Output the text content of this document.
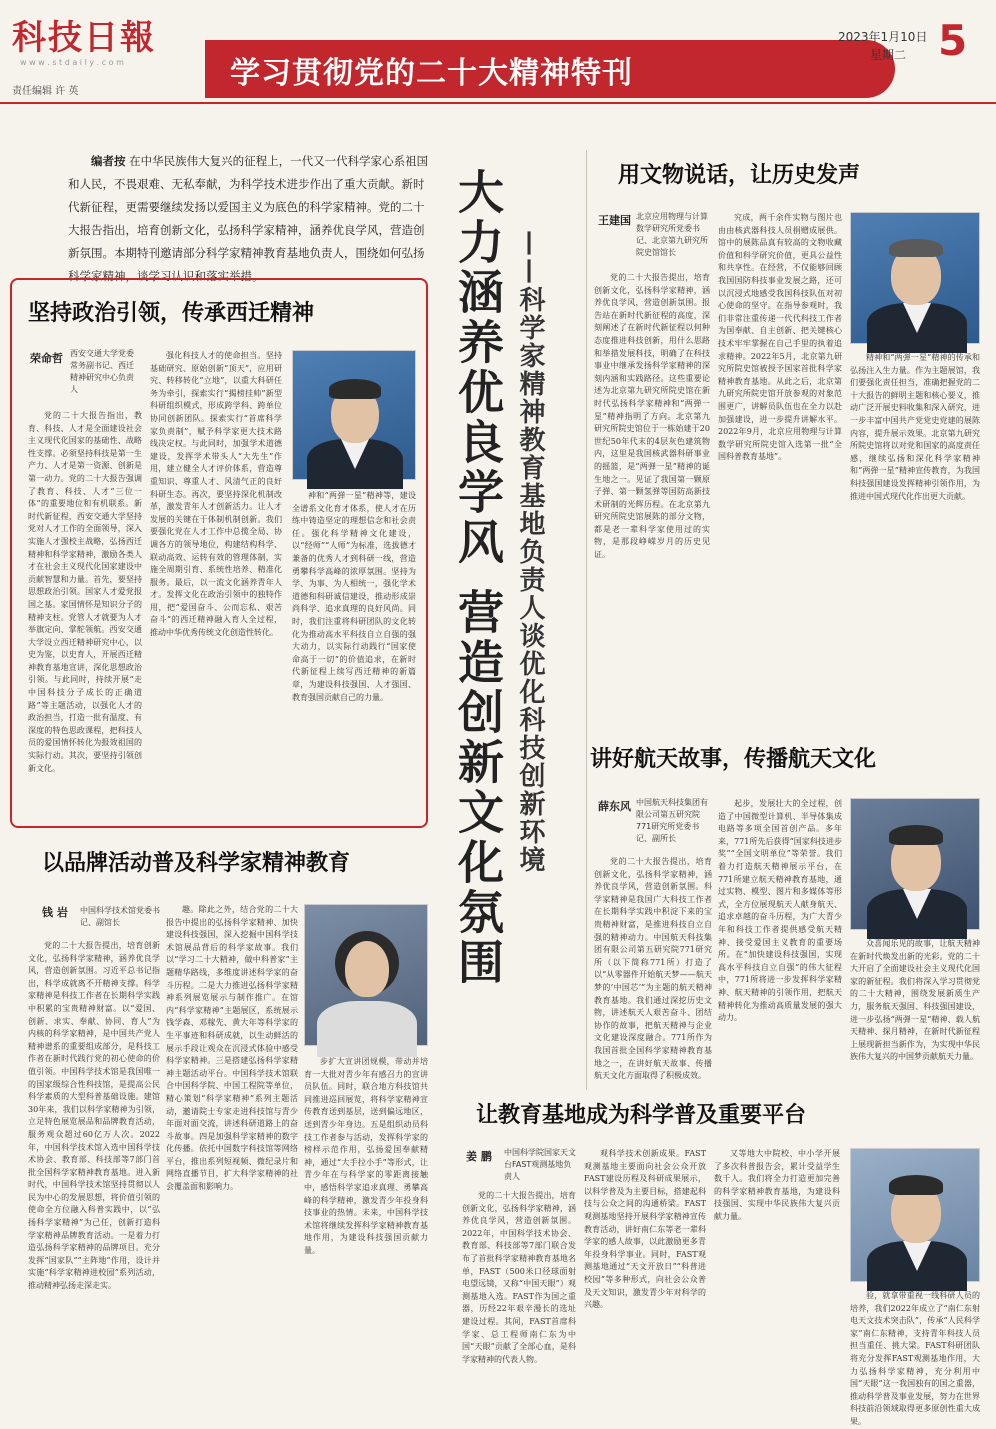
科技日報
w w w . s t d a i l y . c o m
责任编辑 许 英
学习贯彻党的二十大精神特刊
2023年1月10日
星期二 5
编者按 在中华民族伟大复兴的征程上，一代又一代科学家心系祖国和人民，不畏艰难、无私奉献，为科学技术进步作出了重大贡献。新时代新征程，更需要继续发扬以爱国主义为底色的科学家精神。党的二十大报告指出，培育创新文化，弘扬科学家精神，涵养优良学风，营造创新氛围。本期特刊邀请部分科学家精神教育基地负责人，围绕如何弘扬科学家精神，谈学习认识和落实举措。	大力涵养优良学风 营造创新文化氛围 ——科学家精神教育基地负责人谈优化科技创新环境
坚持政治引领，传承西迁精神
荣命哲 西安交通大学党委常务副书记、西迁精神研究中心负责人

党的二十大报告指出，教育、科技、人才是全面建设社会主义现代化国家的基础性、战略性支撑。必须坚持科技是第一生产力、人才是第一资源、创新是第一动力。党的二十大报告强调了教育、科技、人才“三位一体”的重要地位和有机联系。新时代新征程，西安交通大学坚持党对人才工作的全面领导，深入实施人才强校主战略，弘扬西迁精神和科学家精神，激励各类人才在社会主义现代化国家建设中贡献智慧和力量。首先，要坚持思想政治引领。国家人才爱党报国之基。家国情怀是知识分子的精神支柱。党管人才就要为人才举旗定向、掌舵领航。西安交通大学设立西迁精神研究中心，以史为鉴，以史育人，开展西迁精神教育基地宣讲，深化思想政治引领。与此同时，持续开展“走中国科技分子成长的正确道路”等主题活动，以强化人才的政治担当，打造一批有温度、有深度的特色思政课程，把科技人员的爱国情怀转化为报效祖国的实际行动。其次，要坚持引领创新文化。

强化科技人才的使命担当。坚持基础研究、原始创新“顶天”，应用研究、转移转化“立地”，以重大科研任务为牵引，探索实行“揭榜挂帅”新型科研组织模式，形成跨学科、跨单位协同创新团队。探索实行“首席科学家负责制”，赋予科学家更大技术路线决定权。与此同时，加强学术道德建设，发挥学术带头人“大先生”作用，建立健全人才评价体系，营造尊重知识、尊重人才、风清气正的良好科研生态。再次，要坚持深化机制改革，激发青年人才创新活力。让人才发展的关键在于体制机制创新。我们要强化党在人才工作中总揽全局、协调各方的领导地位，构建结构科学、联动高效、运转有效的管理体制，实施全周期引育、系统性培养、精准化服务。最后，以一流文化涵养青年人才。发挥文化在政治引领中的独特作用，把“爱国奋斗、公而忘私、艰苦奋斗”的西迁精神融入育人全过程，推动中华优秀传统文化创造性转化。

神和“两弹一星”精神等，建设全谱系文化育才体系，使人才在历练中铸造坚定的理想信念和社会责任。强化科学精神文化建设，以“经师”“人师”为标准，选拔德才兼备的优秀人才到科研一线，营造勇攀科学高峰的浓厚氛围。坚持为学、为事、为人相统一，强化学术道德和科研诚信建设，推动形成崇尚科学、追求真理的良好风尚。同时，我们注重将科研团队的文化转化为推动高水平科技自立自强的强大动力，以实际行动践行“国家使命高于一切”的价值追求，在新时代新征程上续写西迁精神的新篇章，为建设科技强国、人才强国、教育强国贡献自己的力量。

以品牌活动普及科学家精神教育
钱 岩 中国科学技术馆党委书记、副馆长

党的二十大报告提出，培育创新文化，弘扬科学家精神，涵养优良学风，营造创新氛围。习近平总书记指出，科学成就离不开精神支撑。科学家精神是科技工作者在长期科学实践中积累的宝贵精神财富。以“爱国、创新、求实、奉献、协同、育人”为内核的科学家精神，是中国共产党人精神谱系的重要组成部分，是科技工作者在新时代践行党的初心使命的价值引领。中国科学技术馆是我国唯一的国家级综合性科技馆，是提高公民科学素质的大型科普基础设施。建馆30年来，我们以科学家精神为引领，立足特色展览展品和品牌教育活动，服务观众超过60亿万人次。2022年，中国科学技术馆入选中国科学技术协会、教育部、科技部等7部门首批全国科学家精神教育基地。进入新时代，中国科学技术馆坚持贯彻以人民为中心的发展思想，将价值引领的使命全方位融入科普实践中，以“弘扬科学家精神”为己任，创新打造科学家精神品牌教育活动。一是着力打造弘扬科学家精神的品牌项目。充分发挥“国家队”“主阵地”作用，设计并实施“科学家精神进校园”系列活动，推动精神弘扬走深走实。

趣。除此之外，结合党的二十大报告中提出的弘扬科学家精神、加快建设科技强国，深入挖掘中国科学技术馆展品背后的科学家故事。我们以“学习二十大精神，做中科普家”主题精华路线，多维度讲述科学家的奋斗历程。二是大力推进弘扬科学家精神系列展览展示与制作推广。在馆内“科学家精神”主题展区，系统展示钱学森、邓稼先、黄大年等科学家的生平事迹和科研成就，以生动鲜活的展示手段让观众在沉浸式体验中感受科学家精神。三是搭建弘扬科学家精神主题活动平台。中国科学技术馆联合中国科学院、中国工程院等单位，精心策划“科学家精神”系列主题活动，邀请院士专家走进科技馆与青少年面对面交流，讲述科研道路上的奋斗故事。四是加强科学家精神的数字化传播。依托中国数字科技馆等网络平台，推出系列短视频、微纪录片和网络直播节目，扩大科学家精神的社会覆盖面和影响力。

步扩大宣讲团规模，带动并培育一大批对青少年有感召力的宣讲员队伍。同时，联合地方科技馆共同推进巡回展览，将科学家精神宣传教育送到基层，送到偏远地区，送到青少年身边。五是组织动员科技工作者参与活动，发挥科学家的榜样示范作用，弘扬爱国奉献精神，通过“大手拉小手”等形式，让青少年在与科学家的零距离接触中，感悟科学家追求真理、勇攀高峰的科学精神，激发青少年投身科技事业的热情。未来，中国科学技术馆将继续发挥科学家精神教育基地作用，为建设科技强国贡献力量。

用文物说话，让历史发声
王建国 北京应用物理与计算数学研究所党委书记、北京第九研究所院史馆馆长

党的二十大报告提出，培育创新文化，弘扬科学家精神，涵养优良学风，营造创新氛围。报告站在新时代新征程的高度，深刻阐述了在新时代新征程以何种态度推进科技创新，用什么思路和举措发展科技，明确了在科技事业中继承发扬科学家精神的深刻内涵和实践路径。这些重要论述为北京第九研究所院史馆在新时代弘扬科学家精神和“两弹一星”精神指明了方向。北京第九研究所院史馆位于一栋始建于20世纪50年代末的4层灰色建筑物内，这里是我国核武器科研事业的摇篮，是“两弹一星”精神的诞生地之一。见证了我国第一颗原子弹、第一颗氢弹等国防高新技术研制的光辉历程。在北京第九研究所院史馆展陈的部分文物，都是老一辈科学家使用过的实物，是那段峥嵘岁月的历史见证。

究成，两千余件实物与图片也由由核武器科技人员捐赠成展供。馆中的展陈品真有较高的文物收藏价值和科学研究价值，更具公益性和共享性。在经营，不仅能够回顾我国国防科技事业发展之路，还可以沉浸式地感受我国科技队伍对初心使命的坚守。在指导参观时，我们非常注重传递一代代科技工作者为国奉献、自主创新、把关键核心技术牢牢掌握在自己手里的执着追求精神。2022年5月，北京第九研究所院史馆被授予国家首批科学家精神教育基地。从此之后，北京第九研究所院史馆开放参观的对象范围更广，讲解员队伍也在全力以赴加强建设，进一步提升讲解水平。2022年9月，北京应用物理与计算数学研究所院史馆入选第一批“全国科普教育基地”。

精神和“两弹一星”精神的传承和弘扬注入生力量。作为主题展馆，我们要强化责任担当，准确把握党的二十大报告的鲜明主题和核心要义，推动广泛开展史料收集和深入研究，进一步丰富中国共产党党史党建的展陈内容，提升展示效果。北京第九研究所院史馆将以对党和国家的高度责任感，继续弘扬和深化科学家精神和“两弹一星”精神宣传教育，为我国科技强国建设发挥精神引领作用，为推进中国式现代化作出更大贡献。

讲好航天故事，传播航天文化
薛东风 中国航天科技集团有限公司第五研究院771研究所党委书记、副所长

党的二十大报告提出，培育创新文化，弘扬科学家精神，涵养优良学风，营造创新氛围。科学家精神是我国广大科技工作者在长期科学实践中积淀下来的宝贵精神财富，是推进科技自立自强的精神动力。中国航天科技集团有限公司第五研究院771研究所（以下简称771所）打造了以“从零器件开始航天梦——航天梦的‘中国芯’”为主题的航天精神教育基地。我们通过深挖历史文物，讲述航天人艰苦奋斗、团结协作的故事，把航天精神与企业文化建设深度融合。771所作为我国首批全国科学家精神教育基地之一，在讲好航天故事、传播航天文化方面取得了积极成效。

起步，发展壮大的全过程，创造了中国微型计算机、半导体集成电路等多项全国首创产品。多年来，771所先后获得“国家科技进步奖”“全国文明单位”等荣誉。我们着力打造航天精神展示平台，在771所建立航天精神教育基地，通过实物、模型、图片和多媒体等形式，全方位展现航天人献身航天、追求卓越的奋斗历程，为广大青少年和科技工作者提供感受航天精神、接受爱国主义教育的重要场所。在“加快建设科技强国，实现高水平科技自立自强”的伟大征程中，771所将进一步发挥科学家精神、航天精神的引领作用，把航天精神转化为推动高质量发展的强大动力。

众喜闻乐见的故事，让航天精神在新时代焕发出新的光彩。党的二十大开启了全面建设社会主义现代化国家的新征程。我们将深入学习贯彻党的二十大精神，围绕发展新质生产力，服务航天强国、科技强国建设，进一步弘扬“两弹一星”精神、载人航天精神、探月精神，在新时代新征程上展现新担当新作为，为实现中华民族伟大复兴的中国梦贡献航天力量。

让教育基地成为科学普及重要平台
姜 鹏 中国科学院国家天文台FAST观测基地负责人

党的二十大报告提出，培育创新文化，弘扬科学家精神，涵养优良学风，营造创新氛围。2022年，中国科学技术协会、教育部、科技部等7部门联合发布了首批科学家精神教育基地名单，FAST（500米口径球面射电望远镜，又称“中国天眼”）观测基地入选。FAST作为国之重器，历经22年艰辛漫长的选址建设过程。其间，FAST首席科学家、总工程师南仁东为中国“天眼”贡献了全部心血，是科学家精神的代表人物。

观科学技术创新成果。FAST观测基地主要面向社会公众开放FAST建设历程及科研成果展示，以科学普及为主要目标，搭建起科技与公众之间的沟通桥梁。FAST观测基地坚持开展科学家精神宣传教育活动，讲好南仁东等老一辈科学家的感人故事，以此激励更多青年投身科学事业。同时，FAST观测基地通过“天文开放日”“科普进校园”等多种形式，向社会公众普及天文知识，激发青少年对科学的兴趣。

又等地大中院校、中小学开展了多次科普报告会，累计受益学生数千人。我们将全力打造更加完善的科学家精神教育基地，为建设科技强国、实现中华民族伟大复兴贡献力量。

验，就拿带重视一线科研人员的培养，我们2022年成立了“南仁东射电天文技术突击队”，传承“人民科学家”南仁东精神，支持青年科技人员担当重任、挑大梁。FAST科研团队将充分发挥FAST观测基地作用，大力弘扬科学家精神，充分利用中国“天眼”这一我国独有的国之重器，推动科学普及事业发展，努力在世界科技前沿领域取得更多原创性重大成果。
